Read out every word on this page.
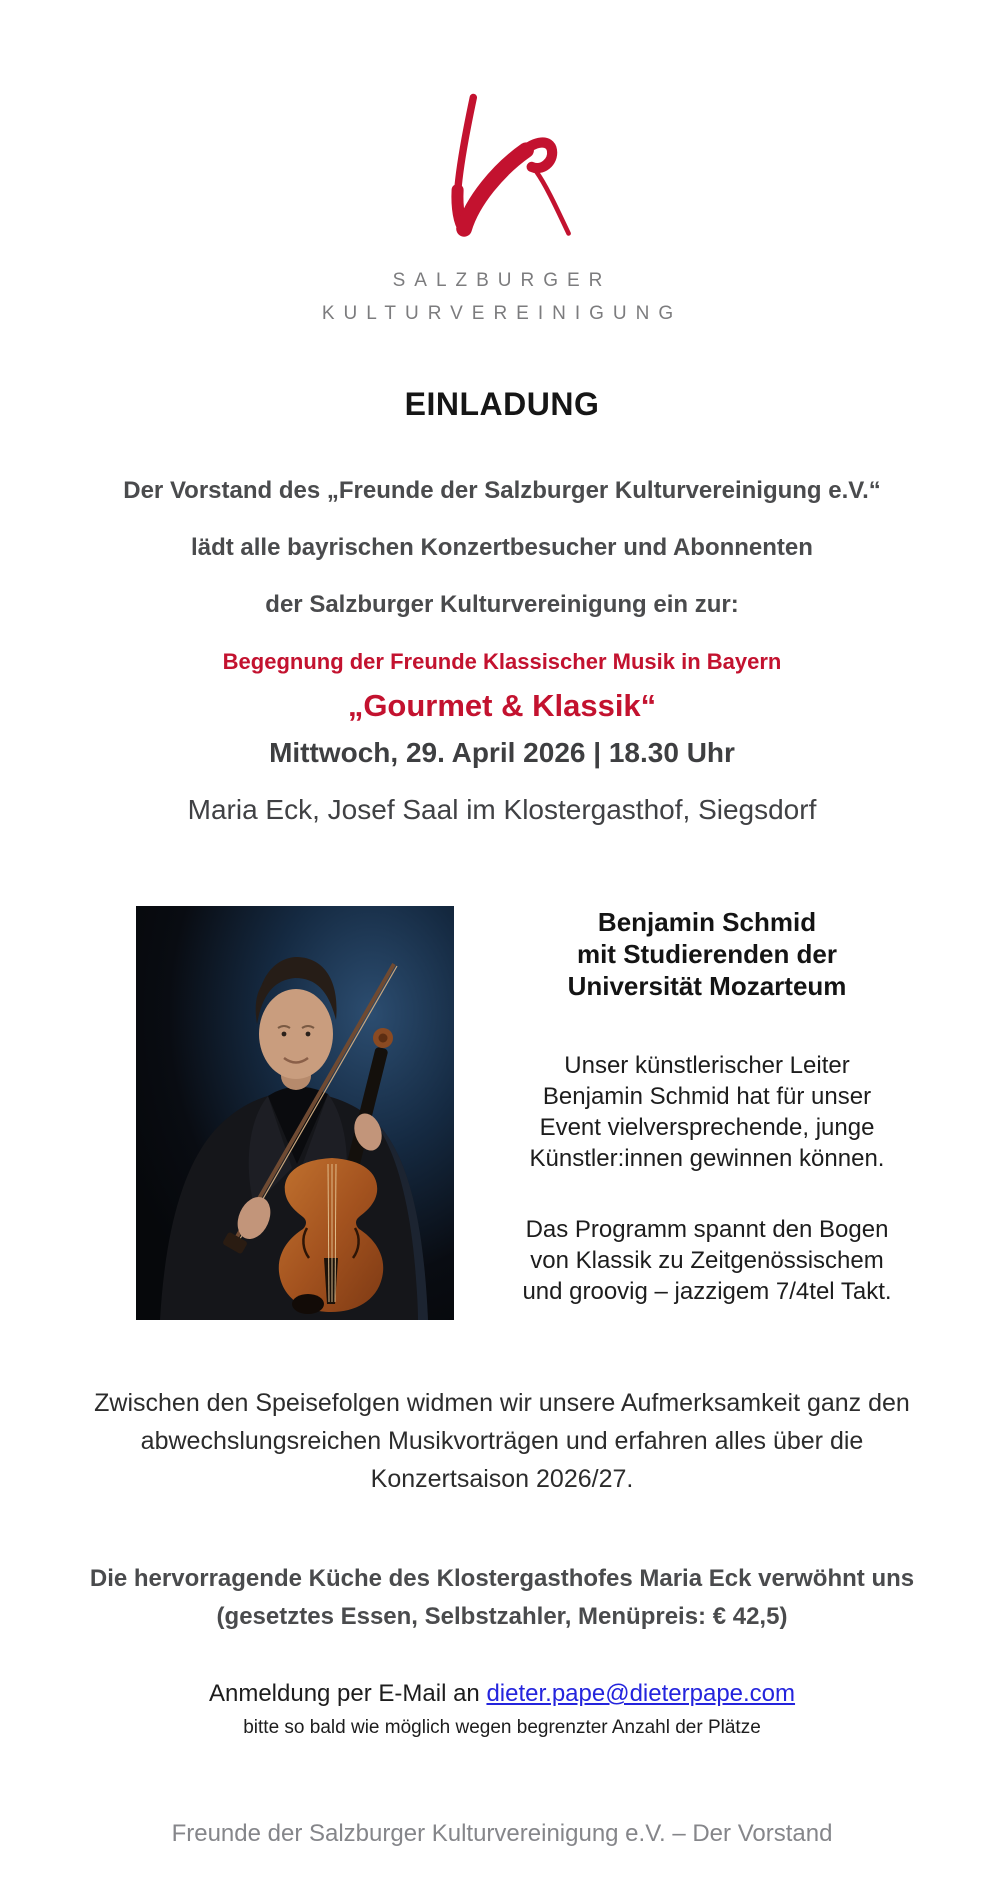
SALZBURGER
KULTURVEREINIGUNG
EINLADUNG
Der Vorstand des „Freunde der Salzburger Kulturvereinigung e.V.“
lädt alle bayrischen Konzertbesucher und Abonnenten
der Salzburger Kulturvereinigung ein zur:
Begegnung der Freunde Klassischer Musik in Bayern
„Gourmet & Klassik“
Mittwoch, 29. April 2026 | 18.30 Uhr
Maria Eck, Josef Saal im Klostergasthof, Siegsdorf
Benjamin Schmid
mit Studierenden der
Universität Mozarteum
Unser künstlerischer Leiter
Benjamin Schmid hat für unser
Event vielversprechende, junge
Künstler:innen gewinnen können.
Das Programm spannt den Bogen
von Klassik zu Zeitgenössischem
und groovig – jazzigem 7/4tel Takt.
Zwischen den Speisefolgen widmen wir unsere Aufmerksamkeit ganz den
abwechslungsreichen Musikvorträgen und erfahren alles über die
Konzertsaison 2026/27.
Die hervorragende Küche des Klostergasthofes Maria Eck verwöhnt uns
(gesetztes Essen, Selbstzahler, Menüpreis: € 42,5)
Anmeldung per E-Mail an dieter.pape@dieterpape.com
bitte so bald wie möglich wegen begrenzter Anzahl der Plätze
Freunde der Salzburger Kulturvereinigung e.V. – Der Vorstand
